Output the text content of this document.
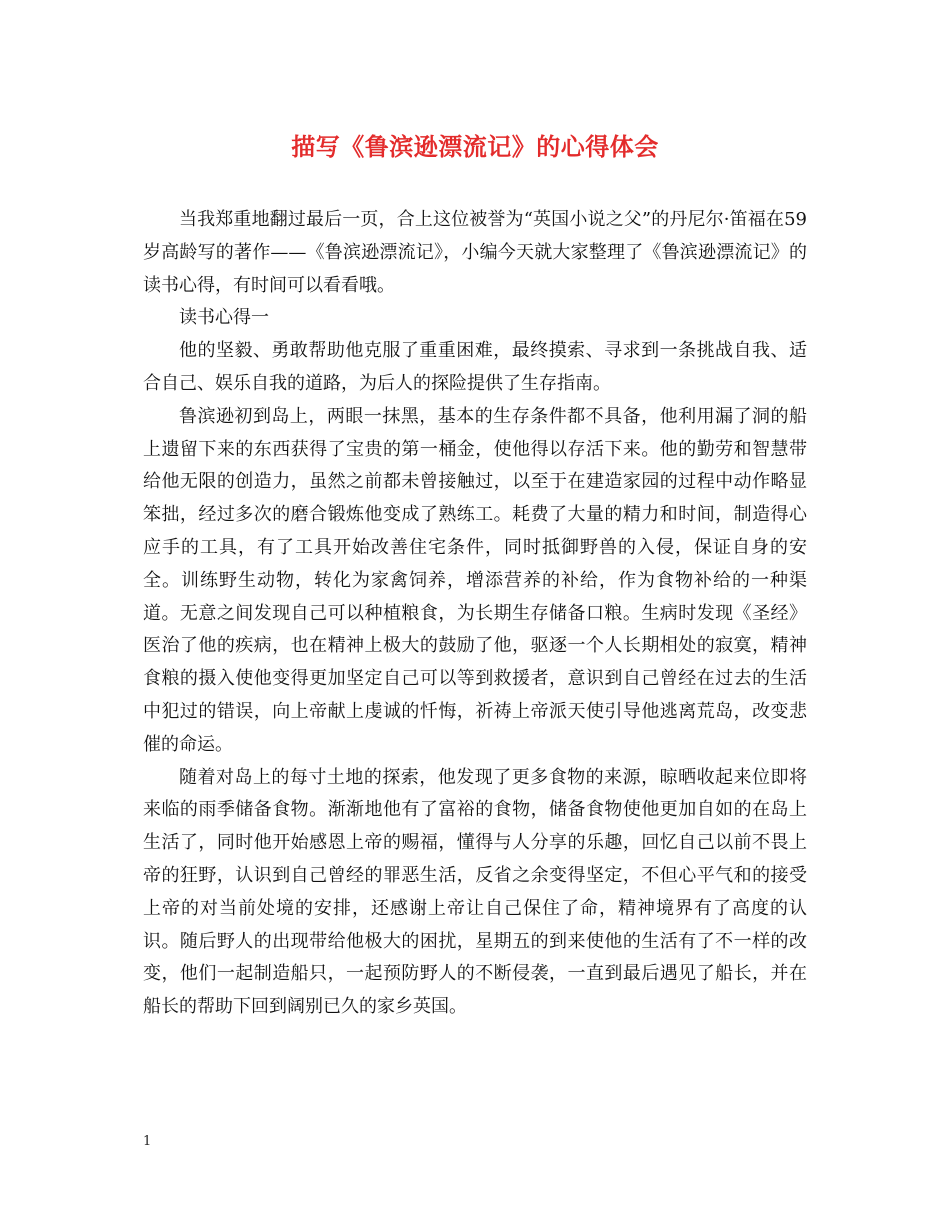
描写《鲁滨逊漂流记》的心得体会

当我郑重地翻过最后一页，合上这位被誉为“英国小说之父”的丹尼尔·笛福在59岁高龄写的著作——《鲁滨逊漂流记》，小编今天就大家整理了《鲁滨逊漂流记》的读书心得，有时间可以看看哦。

读书心得一

他的坚毅、勇敢帮助他克服了重重困难，最终摸索、寻求到一条挑战自我、适合自己、娱乐自我的道路，为后人的探险提供了生存指南。

鲁滨逊初到岛上，两眼一抹黑，基本的生存条件都不具备，他利用漏了洞的船上遗留下来的东西获得了宝贵的第一桶金，使他得以存活下来。他的勤劳和智慧带给他无限的创造力，虽然之前都未曾接触过，以至于在建造家园的过程中动作略显笨拙，经过多次的磨合锻炼他变成了熟练工。耗费了大量的精力和时间，制造得心应手的工具，有了工具开始改善住宅条件，同时抵御野兽的入侵，保证自身的安全。训练野生动物，转化为家禽饲养，增添营养的补给，作为食物补给的一种渠道。无意之间发现自己可以种植粮食，为长期生存储备口粮。生病时发现《圣经》医治了他的疾病，也在精神上极大的鼓励了他，驱逐一个人长期相处的寂寞，精神食粮的摄入使他变得更加坚定自己可以等到救援者，意识到自己曾经在过去的生活中犯过的错误，向上帝献上虔诚的忏悔，祈祷上帝派天使引导他逃离荒岛，改变悲催的命运。

随着对岛上的每寸土地的探索，他发现了更多食物的来源，晾晒收起来位即将来临的雨季储备食物。渐渐地他有了富裕的食物，储备食物使他更加自如的在岛上生活了，同时他开始感恩上帝的赐福，懂得与人分享的乐趣，回忆自己以前不畏上帝的狂野，认识到自己曾经的罪恶生活，反省之余变得坚定，不但心平气和的接受上帝的对当前处境的安排，还感谢上帝让自己保住了命，精神境界有了高度的认识。随后野人的出现带给他极大的困扰，星期五的到来使他的生活有了不一样的改变，他们一起制造船只，一起预防野人的不断侵袭，一直到最后遇见了船长，并在船长的帮助下回到阔别已久的家乡英国。

1
